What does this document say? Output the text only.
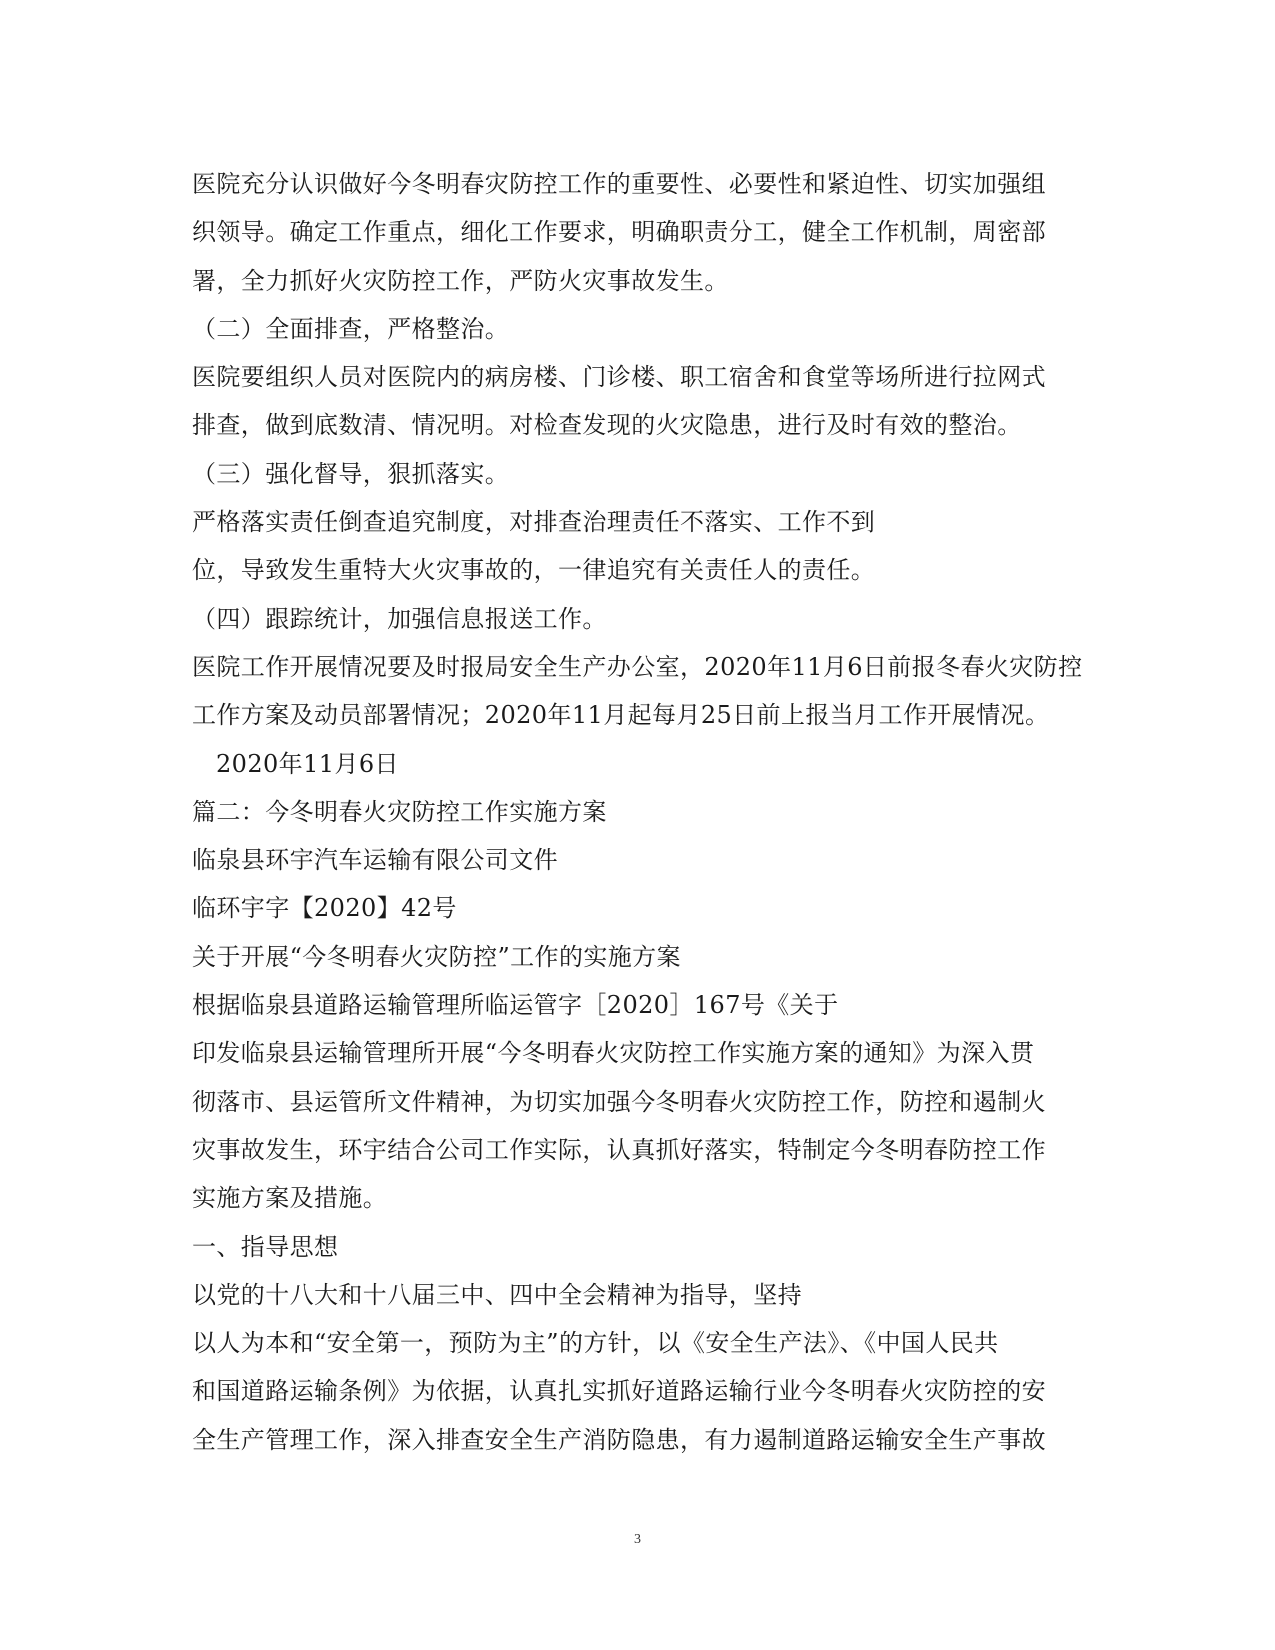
医院充分认识做好今冬明春灾防控工作的重要性、必要性和紧迫性、切实加强组
织领导。确定工作重点，细化工作要求，明确职责分工，健全工作机制，周密部
署，全力抓好火灾防控工作，严防火灾事故发生。
（二）全面排查，严格整治。
医院要组织人员对医院内的病房楼、门诊楼、职工宿舍和食堂等场所进行拉网式
排查，做到底数清、情况明。对检查发现的火灾隐患，进行及时有效的整治。
（三）强化督导，狠抓落实。
严格落实责任倒查追究制度，对排查治理责任不落实、工作不到
位，导致发生重特大火灾事故的，一律追究有关责任人的责任。
（四）跟踪统计，加强信息报送工作。
医院工作开展情况要及时报局安全生产办公室，2020年11月6日前报冬春火灾防控
工作方案及动员部署情况；2020年11月起每月25日前上报当月工作开展情况。
2020年11月6日
篇二：今冬明春火灾防控工作实施方案
临泉县环宇汽车运输有限公司文件
临环宇字【2020】42号
关于开展“今冬明春火灾防控”工作的实施方案
根据临泉县道路运输管理所临运管字［2020］167号《关于
印发临泉县运输管理所开展“今冬明春火灾防控工作实施方案的通知》为深入贯
彻落市、县运管所文件精神，为切实加强今冬明春火灾防控工作，防控和遏制火
灾事故发生，环宇结合公司工作实际，认真抓好落实，特制定今冬明春防控工作
实施方案及措施。
一、指导思想
以党的十八大和十八届三中、四中全会精神为指导，坚持
以人为本和“安全第一，预防为主”的方针，以《安全生产法》、《中国人民共
和国道路运输条例》为依据，认真扎实抓好道路运输行业今冬明春火灾防控的安
全生产管理工作，深入排查安全生产消防隐患，有力遏制道路运输安全生产事故
3
